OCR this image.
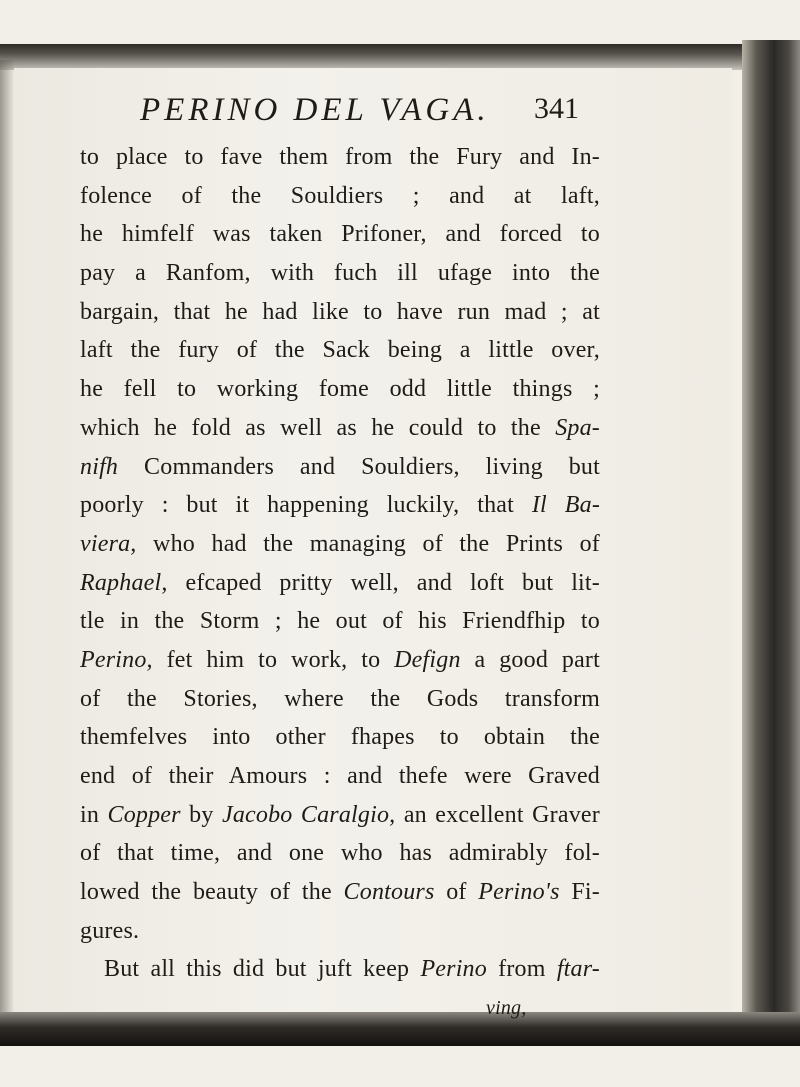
PERINO DEL VAGA. 341
to place to fave them from the Fury and In-
folence of the Souldiers ; and at laft,
he himfelf was taken Prifoner, and forced to
pay a Ranfom, with fuch ill ufage into the
bargain, that he had like to have run mad ; at
laft the fury of the Sack being a little over,
he fell to working fome odd little things ;
which he fold as well as he could to the Spa-
nifh Commanders and Souldiers, living but
poorly : but it happening luckily, that Il Ba-
viera, who had the managing of the Prints of
Raphael, efcaped pritty well, and loft but lit-
tle in the Storm ; he out of his Friendfhip to
Perino, fet him to work, to Defign a good part
of the Stories, where the Gods transform
themfelves into other fhapes to obtain the
end of their Amours : and thefe were Graved
in Copper by Jacobo Caralgio, an excellent Graver
of that time, and one who has admirably fol-
lowed the beauty of the Contours of Perino's Fi-
gures.
But all this did but juft keep Perino from ftar-
ving,
